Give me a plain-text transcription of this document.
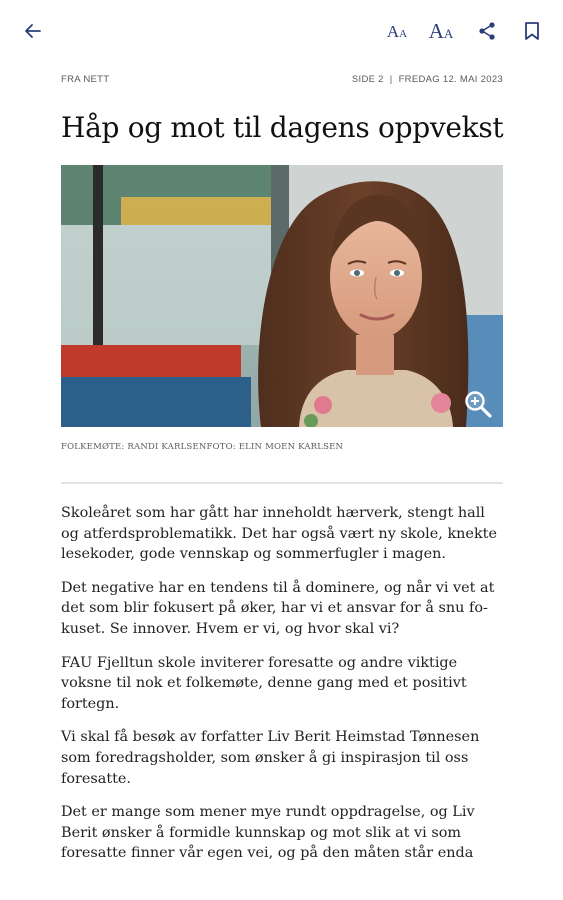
AA AA
FRA NETT	SIDE 2 | FREDAG 12. MAI 2023
Håp og mot til dagens oppvekst
FOLKEMØTE: RANDI KARLSENFOTO: ELIN MOEN KARLSEN

Skoleåret som har gått har inneholdt hærverk, stengt hall og atferdsproblematikk. Det har også vært ny skole, knekte lesekoder, gode vennskap og sommerfugler i magen.

Det negative har en tendens til å dominere, og når vi vet at det som blir fokusert på øker, har vi et ansvar for å snu fo-kuset. Se innover. Hvem er vi, og hvor skal vi?

FAU Fjelltun skole inviterer foresatte og andre viktige voksne til nok et folkemøte, denne gang med et positivt fortegn.

Vi skal få besøk av forfatter Liv Berit Heimstad Tønnesen som foredragsholder, som ønsker å gi inspirasjon til oss foresatte.

Det er mange som mener mye rundt oppdragelse, og Liv Berit ønsker å formidle kunnskap og mot slik at vi som foresatte finner vår egen vei, og på den måten står enda
